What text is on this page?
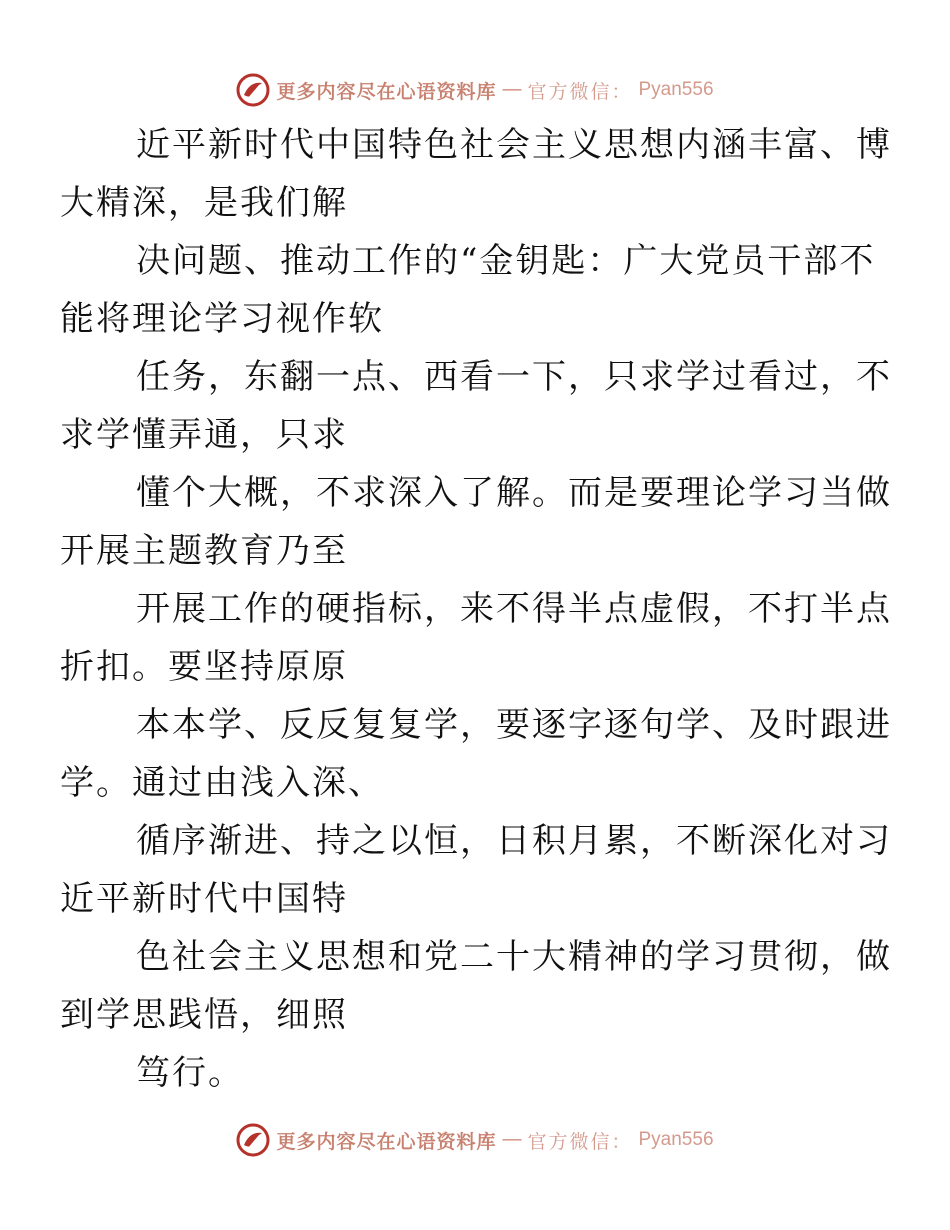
更多内容尽在心语资料库 — 官方微信： Pyan556

近平新时代中国特色社会主义思想内涵丰富、博
大精深，是我们解

决问题、推动工作的“金钥匙：广大党员干部不
能将理论学习视作软

任务，东翻一点、西看一下，只求学过看过，不
求学懂弄通，只求

懂个大概，不求深入了解。而是要理论学习当做
开展主题教育乃至

开展工作的硬指标，来不得半点虚假，不打半点
折扣。要坚持原原

本本学、反反复复学，要逐字逐句学、及时跟进
学。通过由浅入深、

循序渐进、持之以恒，日积月累，不断深化对习
近平新时代中国特

色社会主义思想和党二十大精神的学习贯彻，做
到学思践悟，细照

笃行。

更多内容尽在心语资料库 — 官方微信： Pyan556
